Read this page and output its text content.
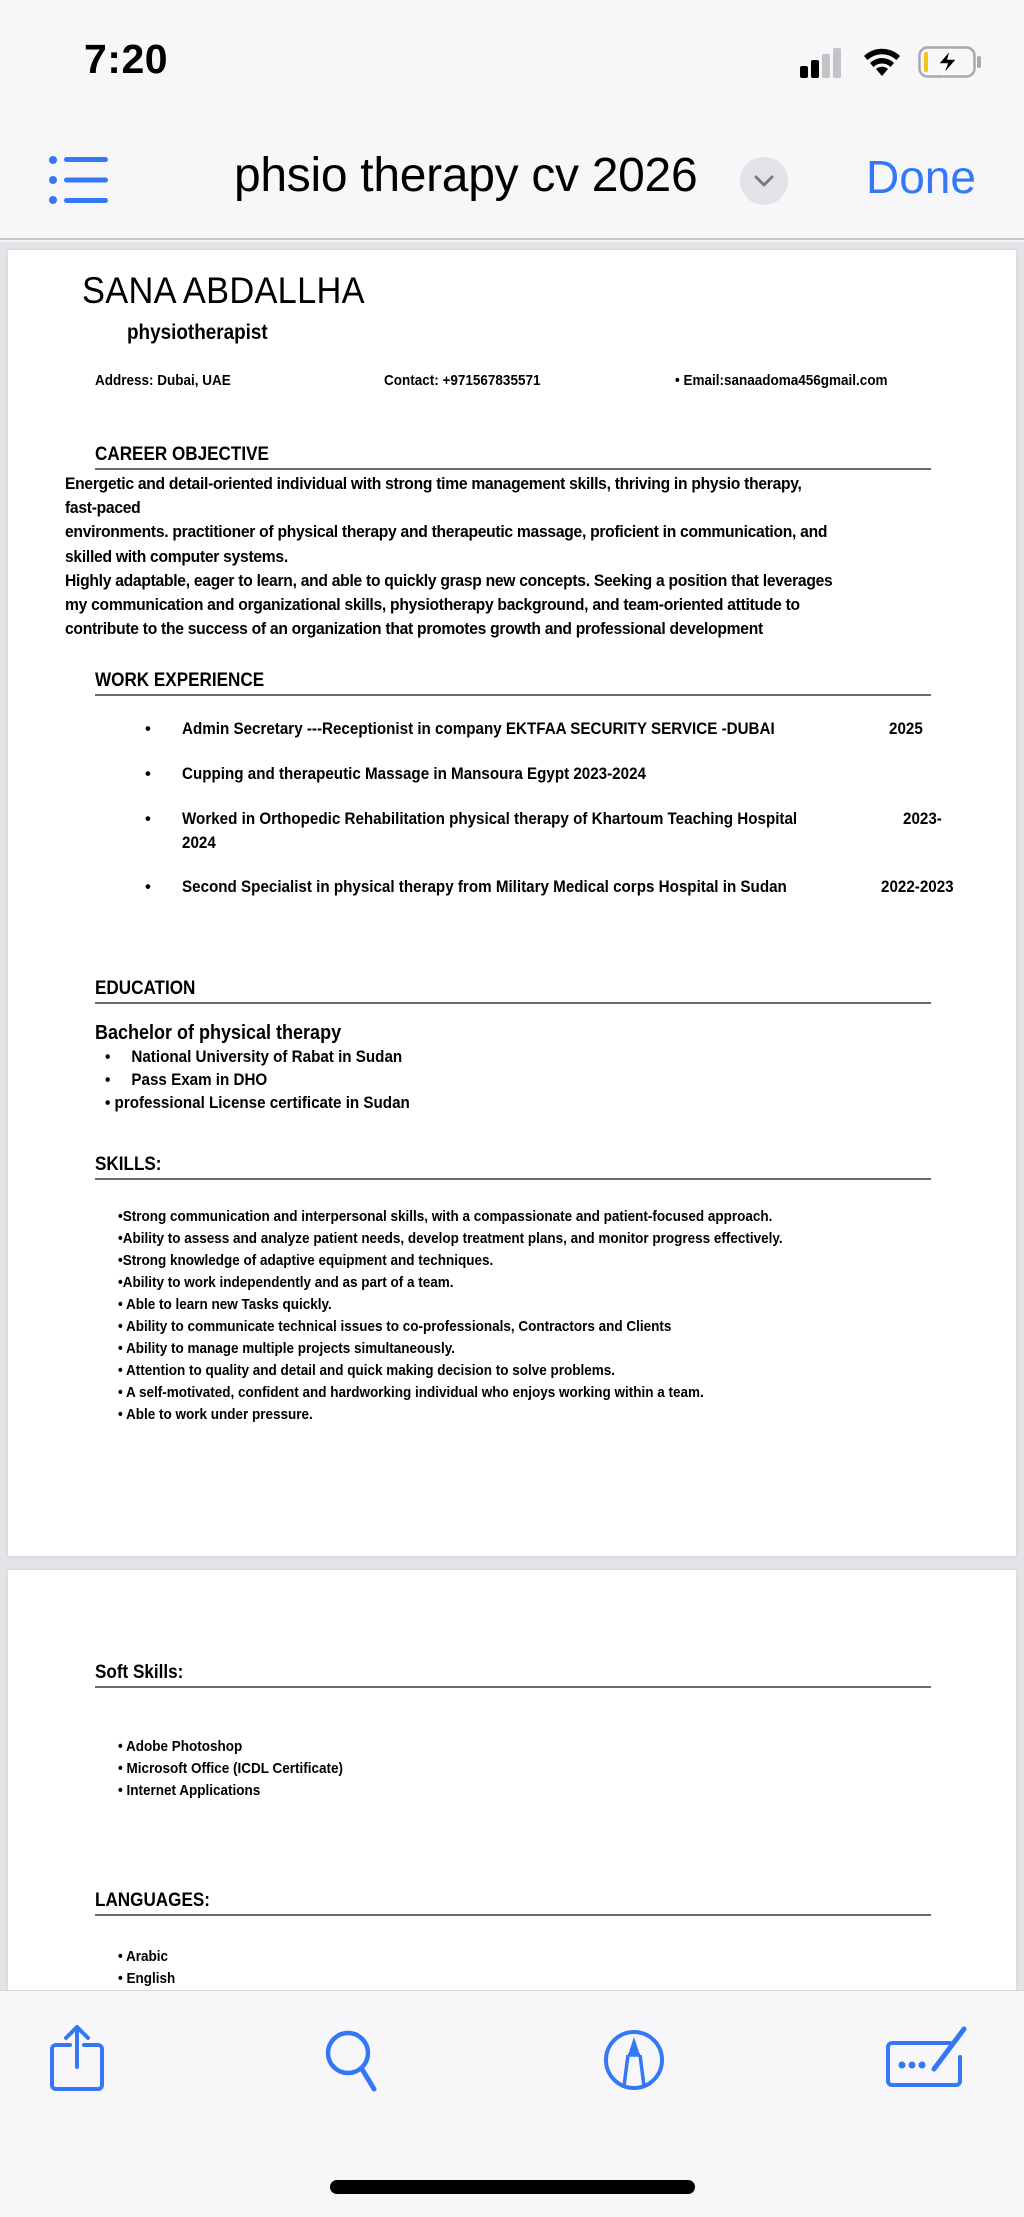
7:20
phsio therapy cv 2026	Done
SANA ABDALLHA
physiotherapist
Address: Dubai, UAE	Contact: +971567835571	• Email:sanaadoma456gmail.com
CAREER OBJECTIVE
Energetic and detail-oriented individual with strong time management skills, thriving in physio therapy,
fast-paced
environments. practitioner of physical therapy and therapeutic massage, proficient in communication, and
skilled with computer systems.
Highly adaptable, eager to learn, and able to quickly grasp new concepts. Seeking a position that leverages
my communication and organizational skills, physiotherapy background, and team-oriented attitude to
contribute to the success of an organization that promotes growth and professional development
WORK EXPERIENCE
• Admin Secretary ---Receptionist in company EKTFAA SECURITY SERVICE -DUBAI	2025
• Cupping and therapeutic Massage in Mansoura Egypt 2023-2024
• Worked in Orthopedic Rehabilitation physical therapy of Khartoum Teaching Hospital	2023-
2024
• Second Specialist in physical therapy from Military Medical corps Hospital in Sudan	2022-2023
EDUCATION
Bachelor of physical therapy
•     National University of Rabat in Sudan
•     Pass Exam in DHO
• professional License certificate in Sudan
SKILLS:
•Strong communication and interpersonal skills, with a compassionate and patient-focused approach.
•Ability to assess and analyze patient needs, develop treatment plans, and monitor progress effectively.
•Strong knowledge of adaptive equipment and techniques.
•Ability to work independently and as part of a team.
• Able to learn new Tasks quickly.
• Ability to communicate technical issues to co-professionals, Contractors and Clients
• Ability to manage multiple projects simultaneously.
• Attention to quality and detail and quick making decision to solve problems.
• A self-motivated, confident and hardworking individual who enjoys working within a team.
• Able to work under pressure.
Soft Skills:
• Adobe Photoshop
• Microsoft Office (ICDL Certificate)
• Internet Applications
LANGUAGES:
• Arabic
• English
